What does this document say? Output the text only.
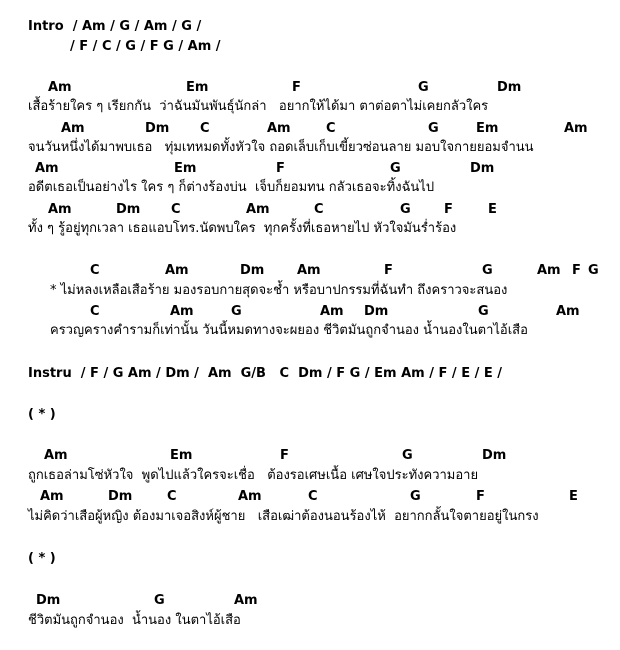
Intro  / Am / G / Am / G /
/ F / C / G / F G / Am /

Am

	Em

	F

	G

	Dm

เสื้อร้ายใคร ๆ เรียกกัน  ว่าฉันมันพันธุ์นักล่า   อยากให้ได้มา ตาต่อตาไม่เคยกลัวใคร

Am

	Dm

C

	Am

	C

	G

	Em

	Am

จนวันหนึ่งได้มาพบเธอ   ทุ่มเทหมดทั้งหัวใจ ถอดเล็บเก็บเขี้ยวซ่อนลาย มอบใจกายยอมจำนน

Am

	Em

	F

	G

	Dm

อดีตเธอเป็นอย่างไร ใคร ๆ ก็ต่างร้องบ่น  เจ็บก็ยอมทน กลัวเธอจะทิ้งฉันไป

Am

	Dm

C

	Am

	C

	G

	F

	E

ทั้ง ๆ รู้อยู่ทุกเวลา เธอแอบโทร.นัดพบใคร  ทุกครั้งที่เธอหายไป หัวใจมันร่ำร้อง

C

	Am

	Dm

	Am

	F

	G

	Am

F

G

* ไม่หลงเหลือเสือร้าย มองรอบกายสุดจะช้ำ หรือบาปกรรมที่ฉันทำ ถึงคราวจะสนอง

C

	Am

	G

	Am

Dm

	G

	Am

ครวญครางคำรามก็เท่านั้น วันนี้หมดทางจะผยอง ชีวิตมันถูกจำนอง น้ำนองในตาไอ้เสือ
Instru  / F / G Am / Dm /  Am  G/B   C  Dm / F G / Em Am / F / E / E /
( * )

Am

	Em

	F

	G

	Dm

ถูกเธอล่ามโซ่หัวใจ  พูดไปแล้วใครจะเชื่อ   ต้องรอเศษเนื้อ เศษใจประทังความอาย

Am

	Dm

	C

	Am

	C

	G

	F

	E

ไม่คิดว่าเสือผู้หญิง ต้องมาเจอสิงห์ผู้ชาย   เสือเฒ่าต้องนอนร้องไห้  อยากกลั้นใจตายอยู่ในกรง
( * )

Dm

	G

	Am

ชีวิตมันถูกจำนอง  น้ำนอง ในตาไอ้เสือ
